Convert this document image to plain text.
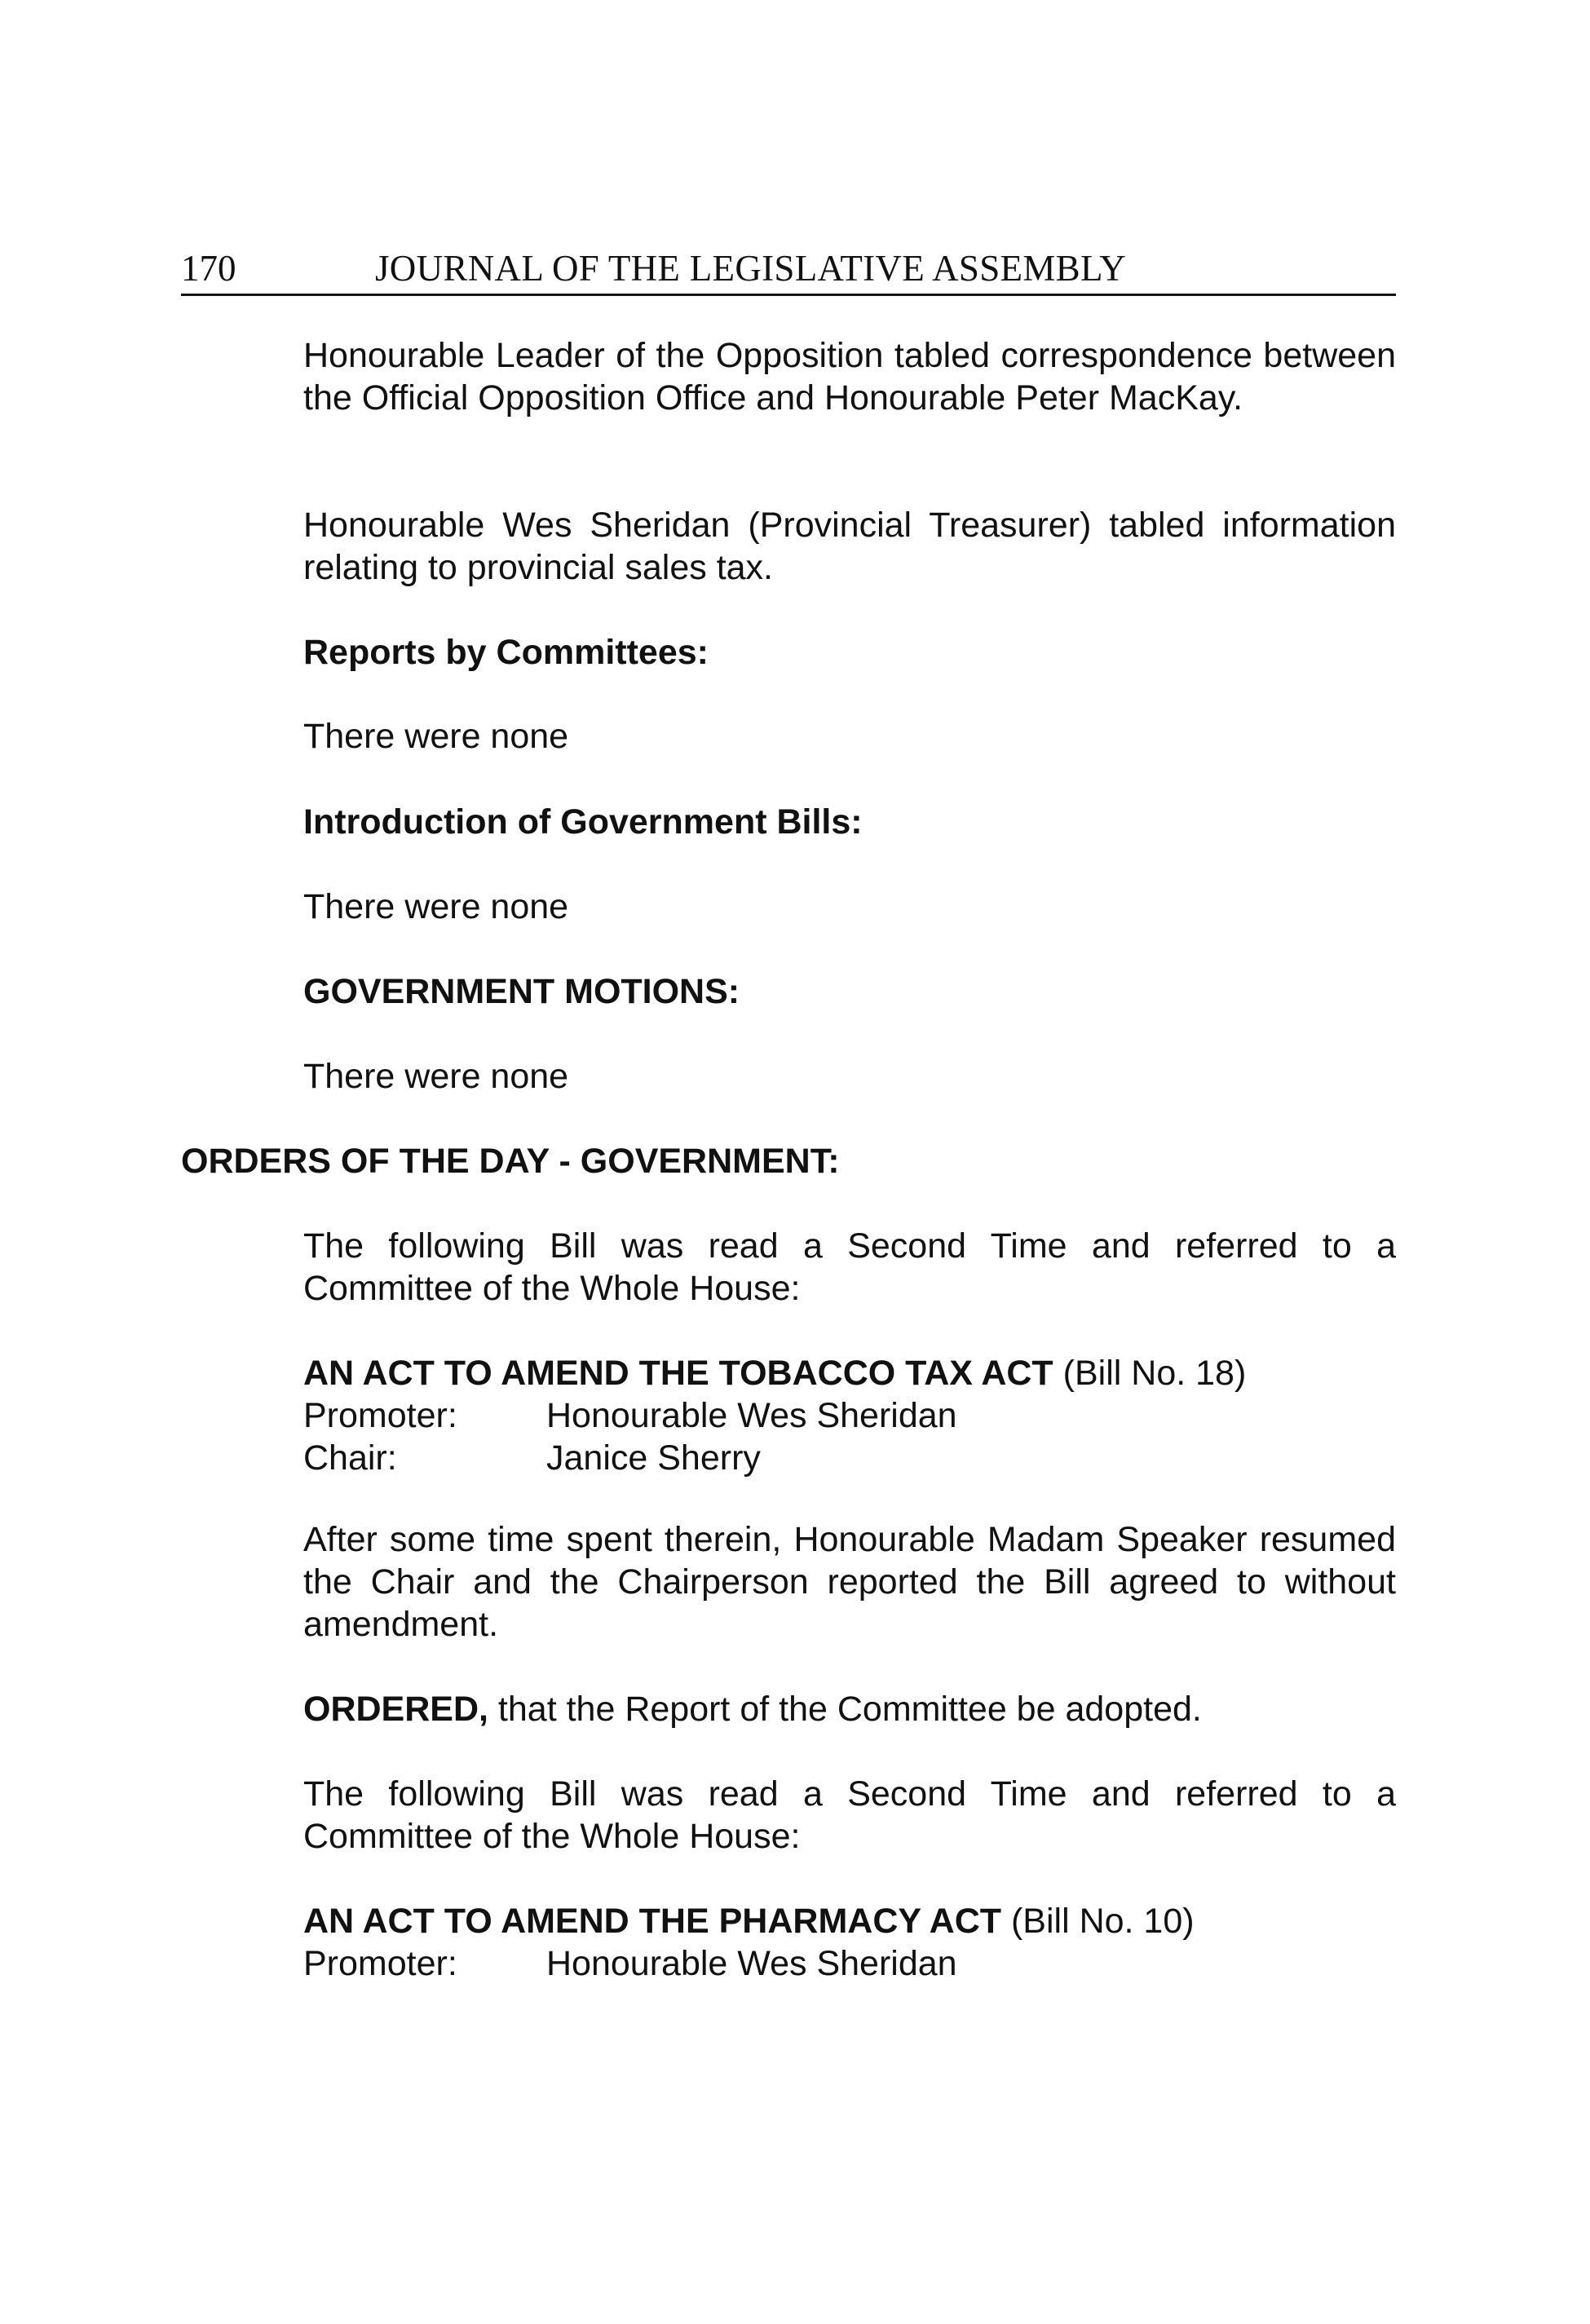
170	JOURNAL OF THE LEGISLATIVE ASSEMBLY

Honourable Leader of the Opposition tabled correspondence between the Official Opposition Office and Honourable Peter MacKay.

Honourable Wes Sheridan (Provincial Treasurer) tabled information relating to provincial sales tax.

Reports by Committees:

There were none

Introduction of Government Bills:

There were none

GOVERNMENT MOTIONS:

There were none

ORDERS OF THE DAY - GOVERNMENT:

The following Bill was read a Second Time and referred to a Committee of the Whole House:

AN ACT TO AMEND THE TOBACCO TAX ACT (Bill No. 18)

Promoter:	Honourable Wes Sheridan
Chair:	Janice Sherry

After some time spent therein, Honourable Madam Speaker resumed the Chair and the Chairperson reported the Bill agreed to without amendment.

ORDERED, that the Report of the Committee be adopted.

The following Bill was read a Second Time and referred to a Committee of the Whole House:

AN ACT TO AMEND THE PHARMACY ACT (Bill No. 10)

Promoter:	Honourable Wes Sheridan
